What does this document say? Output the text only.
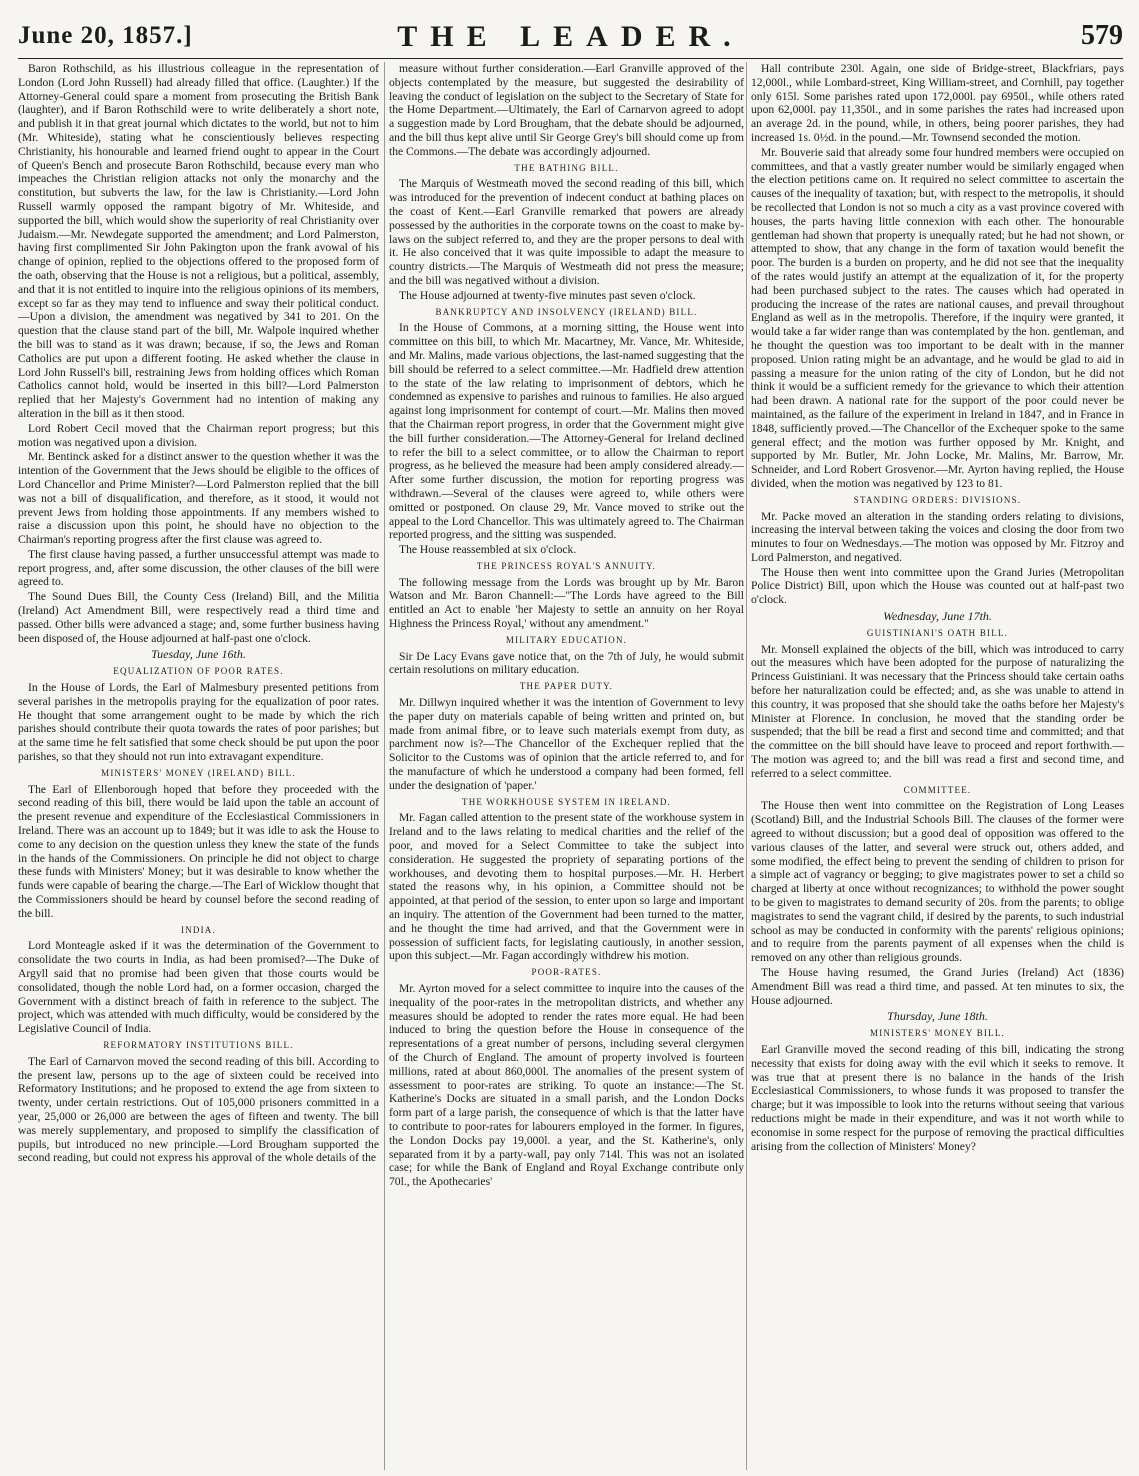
June 20, 1857.]	THE LEADER.	579

Baron Rothschild, as his illustrious colleague in the representation of London (Lord John Russell) had already filled that office. (Laughter.) If the Attorney-General could spare a moment from prosecuting the British Bank (laughter), and if Baron Rothschild were to write deliberately a short note, and publish it in that great journal which dictates to the world, but not to him (Mr. Whiteside), stating what he conscientiously believes respecting Christianity, his honourable and learned friend ought to appear in the Court of Queen's Bench and prosecute Baron Rothschild, because every man who impeaches the Christian religion attacks not only the monarchy and the constitution, but subverts the law, for the law is Christianity.—Lord John Russell warmly opposed the rampant bigotry of Mr. Whiteside, and supported the bill, which would show the superiority of real Christianity over Judaism.—Mr. Newdegate supported the amendment; and Lord Palmerston, having first complimented Sir John Pakington upon the frank avowal of his change of opinion, replied to the objections offered to the proposed form of the oath, observing that the House is not a religious, but a political, assembly, and that it is not entitled to inquire into the religious opinions of its members, except so far as they may tend to influence and sway their political conduct.—Upon a division, the amendment was negatived by 341 to 201. On the question that the clause stand part of the bill, Mr. Walpole inquired whether the bill was to stand as it was drawn; because, if so, the Jews and Roman Catholics are put upon a different footing. He asked whether the clause in Lord John Russell's bill, restraining Jews from holding offices which Roman Catholics cannot hold, would be inserted in this bill?—Lord Palmerston replied that her Majesty's Government had no intention of making any alteration in the bill as it then stood.

Lord Robert Cecil moved that the Chairman report progress; but this motion was negatived upon a division.

Mr. Bentinck asked for a distinct answer to the question whether it was the intention of the Government that the Jews should be eligible to the offices of Lord Chancellor and Prime Minister?—Lord Palmerston replied that the bill was not a bill of disqualification, and therefore, as it stood, it would not prevent Jews from holding those appointments. If any members wished to raise a discussion upon this point, he should have no objection to the Chairman's reporting progress after the first clause was agreed to.

The first clause having passed, a further unsuccessful attempt was made to report progress, and, after some discussion, the other clauses of the bill were agreed to.

The Sound Dues Bill, the County Cess (Ireland) Bill, and the Militia (Ireland) Act Amendment Bill, were respectively read a third time and passed. Other bills were advanced a stage; and, some further business having been disposed of, the House adjourned at half-past one o'clock.

Tuesday, June 16th.
EQUALIZATION OF POOR RATES.

In the House of Lords, the Earl of Malmesbury presented petitions from several parishes in the metropolis praying for the equalization of poor rates. He thought that some arrangement ought to be made by which the rich parishes should contribute their quota towards the rates of poor parishes; but at the same time he felt satisfied that some check should be put upon the poor parishes, so that they should not run into extravagant expenditure.

MINISTERS' MONEY (IRELAND) BILL.

The Earl of Ellenborough hoped that before they proceeded with the second reading of this bill, there would be laid upon the table an account of the present revenue and expenditure of the Ecclesiastical Commissioners in Ireland. There was an account up to 1849; but it was idle to ask the House to come to any decision on the question unless they knew the state of the funds in the hands of the Commissioners. On principle he did not object to charge these funds with Ministers' Money; but it was desirable to know whether the funds were capable of bearing the charge.—The Earl of Wicklow thought that the Commissioners should be heard by counsel before the second reading of the bill.

INDIA.

Lord Monteagle asked if it was the determination of the Government to consolidate the two courts in India, as had been promised?—The Duke of Argyll said that no promise had been given that those courts would be consolidated, though the noble Lord had, on a former occasion, charged the Government with a distinct breach of faith in reference to the subject. The project, which was attended with much difficulty, would be considered by the Legislative Council of India.

REFORMATORY INSTITUTIONS BILL.

The Earl of Carnarvon moved the second reading of this bill. According to the present law, persons up to the age of sixteen could be received into Reformatory Institutions; and he proposed to extend the age from sixteen to twenty, under certain restrictions. Out of 105,000 prisoners committed in a year, 25,000 or 26,000 are between the ages of fifteen and twenty. The bill was merely supplementary, and proposed to simplify the classification of pupils, but introduced no new principle.—Lord Brougham supported the second reading, but could not express his approval of the whole details of the

measure without further consideration.—Earl Granville approved of the objects contemplated by the measure, but suggested the desirability of leaving the conduct of legislation on the subject to the Secretary of State for the Home Department.—Ultimately, the Earl of Carnarvon agreed to adopt a suggestion made by Lord Brougham, that the debate should be adjourned, and the bill thus kept alive until Sir George Grey's bill should come up from the Commons.—The debate was accordingly adjourned.

THE BATHING BILL.

The Marquis of Westmeath moved the second reading of this bill, which was introduced for the prevention of indecent conduct at bathing places on the coast of Kent.—Earl Granville remarked that powers are already possessed by the authorities in the corporate towns on the coast to make by-laws on the subject referred to, and they are the proper persons to deal with it. He also conceived that it was quite impossible to adapt the measure to country districts.—The Marquis of Westmeath did not press the measure; and the bill was negatived without a division.

The House adjourned at twenty-five minutes past seven o'clock.

BANKRUPTCY AND INSOLVENCY (IRELAND) BILL.

In the House of Commons, at a morning sitting, the House went into committee on this bill, to which Mr. Macartney, Mr. Vance, Mr. Whiteside, and Mr. Malins, made various objections, the last-named suggesting that the bill should be referred to a select committee.—Mr. Hadfield drew attention to the state of the law relating to imprisonment of debtors, which he condemned as expensive to parishes and ruinous to families. He also argued against long imprisonment for contempt of court.—Mr. Malins then moved that the Chairman report progress, in order that the Government might give the bill further consideration.—The Attorney-General for Ireland declined to refer the bill to a select committee, or to allow the Chairman to report progress, as he believed the measure had been amply considered already.—After some further discussion, the motion for reporting progress was withdrawn.—Several of the clauses were agreed to, while others were omitted or postponed. On clause 29, Mr. Vance moved to strike out the appeal to the Lord Chancellor. This was ultimately agreed to. The Chairman reported progress, and the sitting was suspended.

The House reassembled at six o'clock.

THE PRINCESS ROYAL'S ANNUITY.

The following message from the Lords was brought up by Mr. Baron Watson and Mr. Baron Channell:—"The Lords have agreed to the Bill entitled an Act to enable 'her Majesty to settle an annuity on her Royal Highness the Princess Royal,' without any amendment."

MILITARY EDUCATION.

Sir De Lacy Evans gave notice that, on the 7th of July, he would submit certain resolutions on military education.

THE PAPER DUTY.

Mr. Dillwyn inquired whether it was the intention of Government to levy the paper duty on materials capable of being written and printed on, but made from animal fibre, or to leave such materials exempt from duty, as parchment now is?—The Chancellor of the Exchequer replied that the Solicitor to the Customs was of opinion that the article referred to, and for the manufacture of which he understood a company had been formed, fell under the designation of 'paper.'

THE WORKHOUSE SYSTEM IN IRELAND.

Mr. Fagan called attention to the present state of the workhouse system in Ireland and to the laws relating to medical charities and the relief of the poor, and moved for a Select Committee to take the subject into consideration. He suggested the propriety of separating portions of the workhouses, and devoting them to hospital purposes.—Mr. H. Herbert stated the reasons why, in his opinion, a Committee should not be appointed, at that period of the session, to enter upon so large and important an inquiry. The attention of the Government had been turned to the matter, and he thought the time had arrived, and that the Government were in possession of sufficient facts, for legislating cautiously, in another session, upon this subject.—Mr. Fagan accordingly withdrew his motion.

POOR-RATES.

Mr. Ayrton moved for a select committee to inquire into the causes of the inequality of the poor-rates in the metropolitan districts, and whether any measures should be adopted to render the rates more equal. He had been induced to bring the question before the House in consequence of the representations of a great number of persons, including several clergymen of the Church of England. The amount of property involved is fourteen millions, rated at about 860,000l. The anomalies of the present system of assessment to poor-rates are striking. To quote an instance:—The St. Katherine's Docks are situated in a small parish, and the London Docks form part of a large parish, the consequence of which is that the latter have to contribute to poor-rates for labourers employed in the former. In figures, the London Docks pay 19,000l. a year, and the St. Katherine's, only separated from it by a party-wall, pay only 714l. This was not an isolated case; for while the Bank of England and Royal Exchange contribute only 70l., the Apothecaries'

Hall contribute 230l. Again, one side of Bridge-street, Blackfriars, pays 12,000l., while Lombard-street, King William-street, and Cornhill, pay together only 615l. Some parishes rated upon 172,000l. pay 6950l., while others rated upon 62,000l. pay 11,350l., and in some parishes the rates had increased upon an average 2d. in the pound, while, in others, being poorer parishes, they had increased 1s. 0½d. in the pound.—Mr. Townsend seconded the motion.

Mr. Bouverie said that already some four hundred members were occupied on committees, and that a vastly greater number would be similarly engaged when the election petitions came on. It required no select committee to ascertain the causes of the inequality of taxation; but, with respect to the metropolis, it should be recollected that London is not so much a city as a vast province covered with houses, the parts having little connexion with each other. The honourable gentleman had shown that property is unequally rated; but he had not shown, or attempted to show, that any change in the form of taxation would benefit the poor. The burden is a burden on property, and he did not see that the inequality of the rates would justify an attempt at the equalization of it, for the property had been purchased subject to the rates. The causes which had operated in producing the increase of the rates are national causes, and prevail throughout England as well as in the metropolis. Therefore, if the inquiry were granted, it would take a far wider range than was contemplated by the hon. gentleman, and he thought the question was too important to be dealt with in the manner proposed. Union rating might be an advantage, and he would be glad to aid in passing a measure for the union rating of the city of London, but he did not think it would be a sufficient remedy for the grievance to which their attention had been drawn. A national rate for the support of the poor could never be maintained, as the failure of the experiment in Ireland in 1847, and in France in 1848, sufficiently proved.—The Chancellor of the Exchequer spoke to the same general effect; and the motion was further opposed by Mr. Knight, and supported by Mr. Butler, Mr. John Locke, Mr. Malins, Mr. Barrow, Mr. Schneider, and Lord Robert Grosvenor.—Mr. Ayrton having replied, the House divided, when the motion was negatived by 123 to 81.

STANDING ORDERS: DIVISIONS.

Mr. Packe moved an alteration in the standing orders relating to divisions, increasing the interval between taking the voices and closing the door from two minutes to four on Wednesdays.—The motion was opposed by Mr. Fitzroy and Lord Palmerston, and negatived.

The House then went into committee upon the Grand Juries (Metropolitan Police District) Bill, upon which the House was counted out at half-past two o'clock.

Wednesday, June 17th.
GUISTINIANI'S OATH BILL.

Mr. Monsell explained the objects of the bill, which was introduced to carry out the measures which have been adopted for the purpose of naturalizing the Princess Guistiniani. It was necessary that the Princess should take certain oaths before her naturalization could be effected; and, as she was unable to attend in this country, it was proposed that she should take the oaths before her Majesty's Minister at Florence. In conclusion, he moved that the standing order be suspended; that the bill be read a first and second time and committed; and that the committee on the bill should have leave to proceed and report forthwith.—The motion was agreed to; and the bill was read a first and second time, and referred to a select committee.

COMMITTEE.

The House then went into committee on the Registration of Long Leases (Scotland) Bill, and the Industrial Schools Bill. The clauses of the former were agreed to without discussion; but a good deal of opposition was offered to the various clauses of the latter, and several were struck out, others added, and some modified, the effect being to prevent the sending of children to prison for a simple act of vagrancy or begging; to give magistrates power to set a child so charged at liberty at once without recognizances; to withhold the power sought to be given to magistrates to demand security of 20s. from the parents; to oblige magistrates to send the vagrant child, if desired by the parents, to such industrial school as may be conducted in conformity with the parents' religious opinions; and to require from the parents payment of all expenses when the child is removed on any other than religious grounds.

The House having resumed, the Grand Juries (Ireland) Act (1836) Amendment Bill was read a third time, and passed. At ten minutes to six, the House adjourned.

Thursday, June 18th.
MINISTERS' MONEY BILL.

Earl Granville moved the second reading of this bill, indicating the strong necessity that exists for doing away with the evil which it seeks to remove. It was true that at present there is no balance in the hands of the Irish Ecclesiastical Commissioners, to whose funds it was proposed to transfer the charge; but it was impossible to look into the returns without seeing that various reductions might be made in their expenditure, and was it not worth while to economise in some respect for the purpose of removing the practical difficulties arising from the collection of Ministers' Money?
